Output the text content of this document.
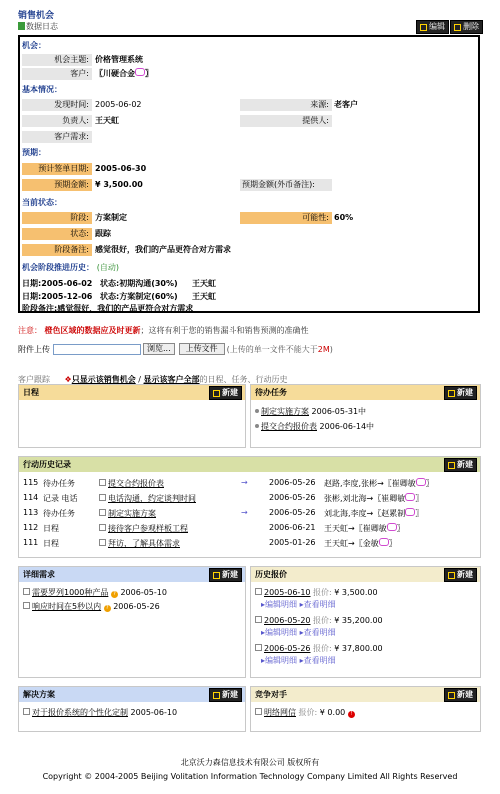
销售机会
数据日志	编辑 删除
机会：
机会主题: 价格管理系统
客户: 〖川硬合金 〗
基本情况：
发现时间: 2005-06-02	来源: 老客户
负责人: 王天虹	提供人:
客户需求:
预期：
预计签单日期: 2005-06-30
预期金额: ¥ 3,500.00	预期金额(外币备注):
当前状态：
阶段: 方案制定	可能性: 60%
状态: 跟踪
阶段备注: 感觉很好，我们的产品更符合对方需求
机会阶段推进历史： (自动)
日期:2005-06-02 状态:初期沟通(30%) 王天虹
日期:2005-12-06 状态:方案制定(60%) 王天虹
阶段备注:感觉很好，我们的产品更符合对方需求
注意： 橙色区域的数据应及时更新；这将有利于您的销售漏斗和销售预测的准确性
附件上传	浏览...	上传文件	(上传的单一文件不能大于2M)
客户跟踪 ❖只显示该销售机会 / 显示该客户全部的日程、任务、行动历史
日程	新建	待办任务	新建
制定实施方案 2006-05-31中
提交合约报价表 2006-06-14中
行动历史记录	新建
115 待办任务	提交合约报价表	→	2006-05-26 赵路,李度,张彬→〖崔卿敏 〗
114 记录 电话	电话沟通，约定谈判时间	2006-05-26 张彬,刘北海→〖崔卿敏 〗
113 待办任务	制定实施方案	→	2006-05-26 刘北海,李度→〖赵累制 〗
112 日程	接待客户参观样板工程	2006-06-21 王天虹→〖崔卿敏 〗
111 日程	拜访，了解具体需求	2005-01-26 王天虹→〖金敏 〗
详细需求	新建
需要罗列1000种产品 ? 2006-05-10
响应时间在5秒以内 ? 2006-05-26
历史报价	新建
2005-06-10 报价: ¥ 3,500.00
▸编辑明细 ▸查看明细
2006-05-20 报价: ¥ 35,200.00
▸编辑明细 ▸查看明细
2006-05-26 报价: ¥ 37,800.00
▸编辑明细 ▸查看明细
解决方案	新建
对于报价系统的个性化定制 2005-06-10
竞争对手	新建
明络网信 报价: ¥ 0.00 !
北京沃力森信息技术有限公司 版权所有
Copyright © 2004-2005 Beijing Volitation Information Technology Company Limited All Rights Reserved
